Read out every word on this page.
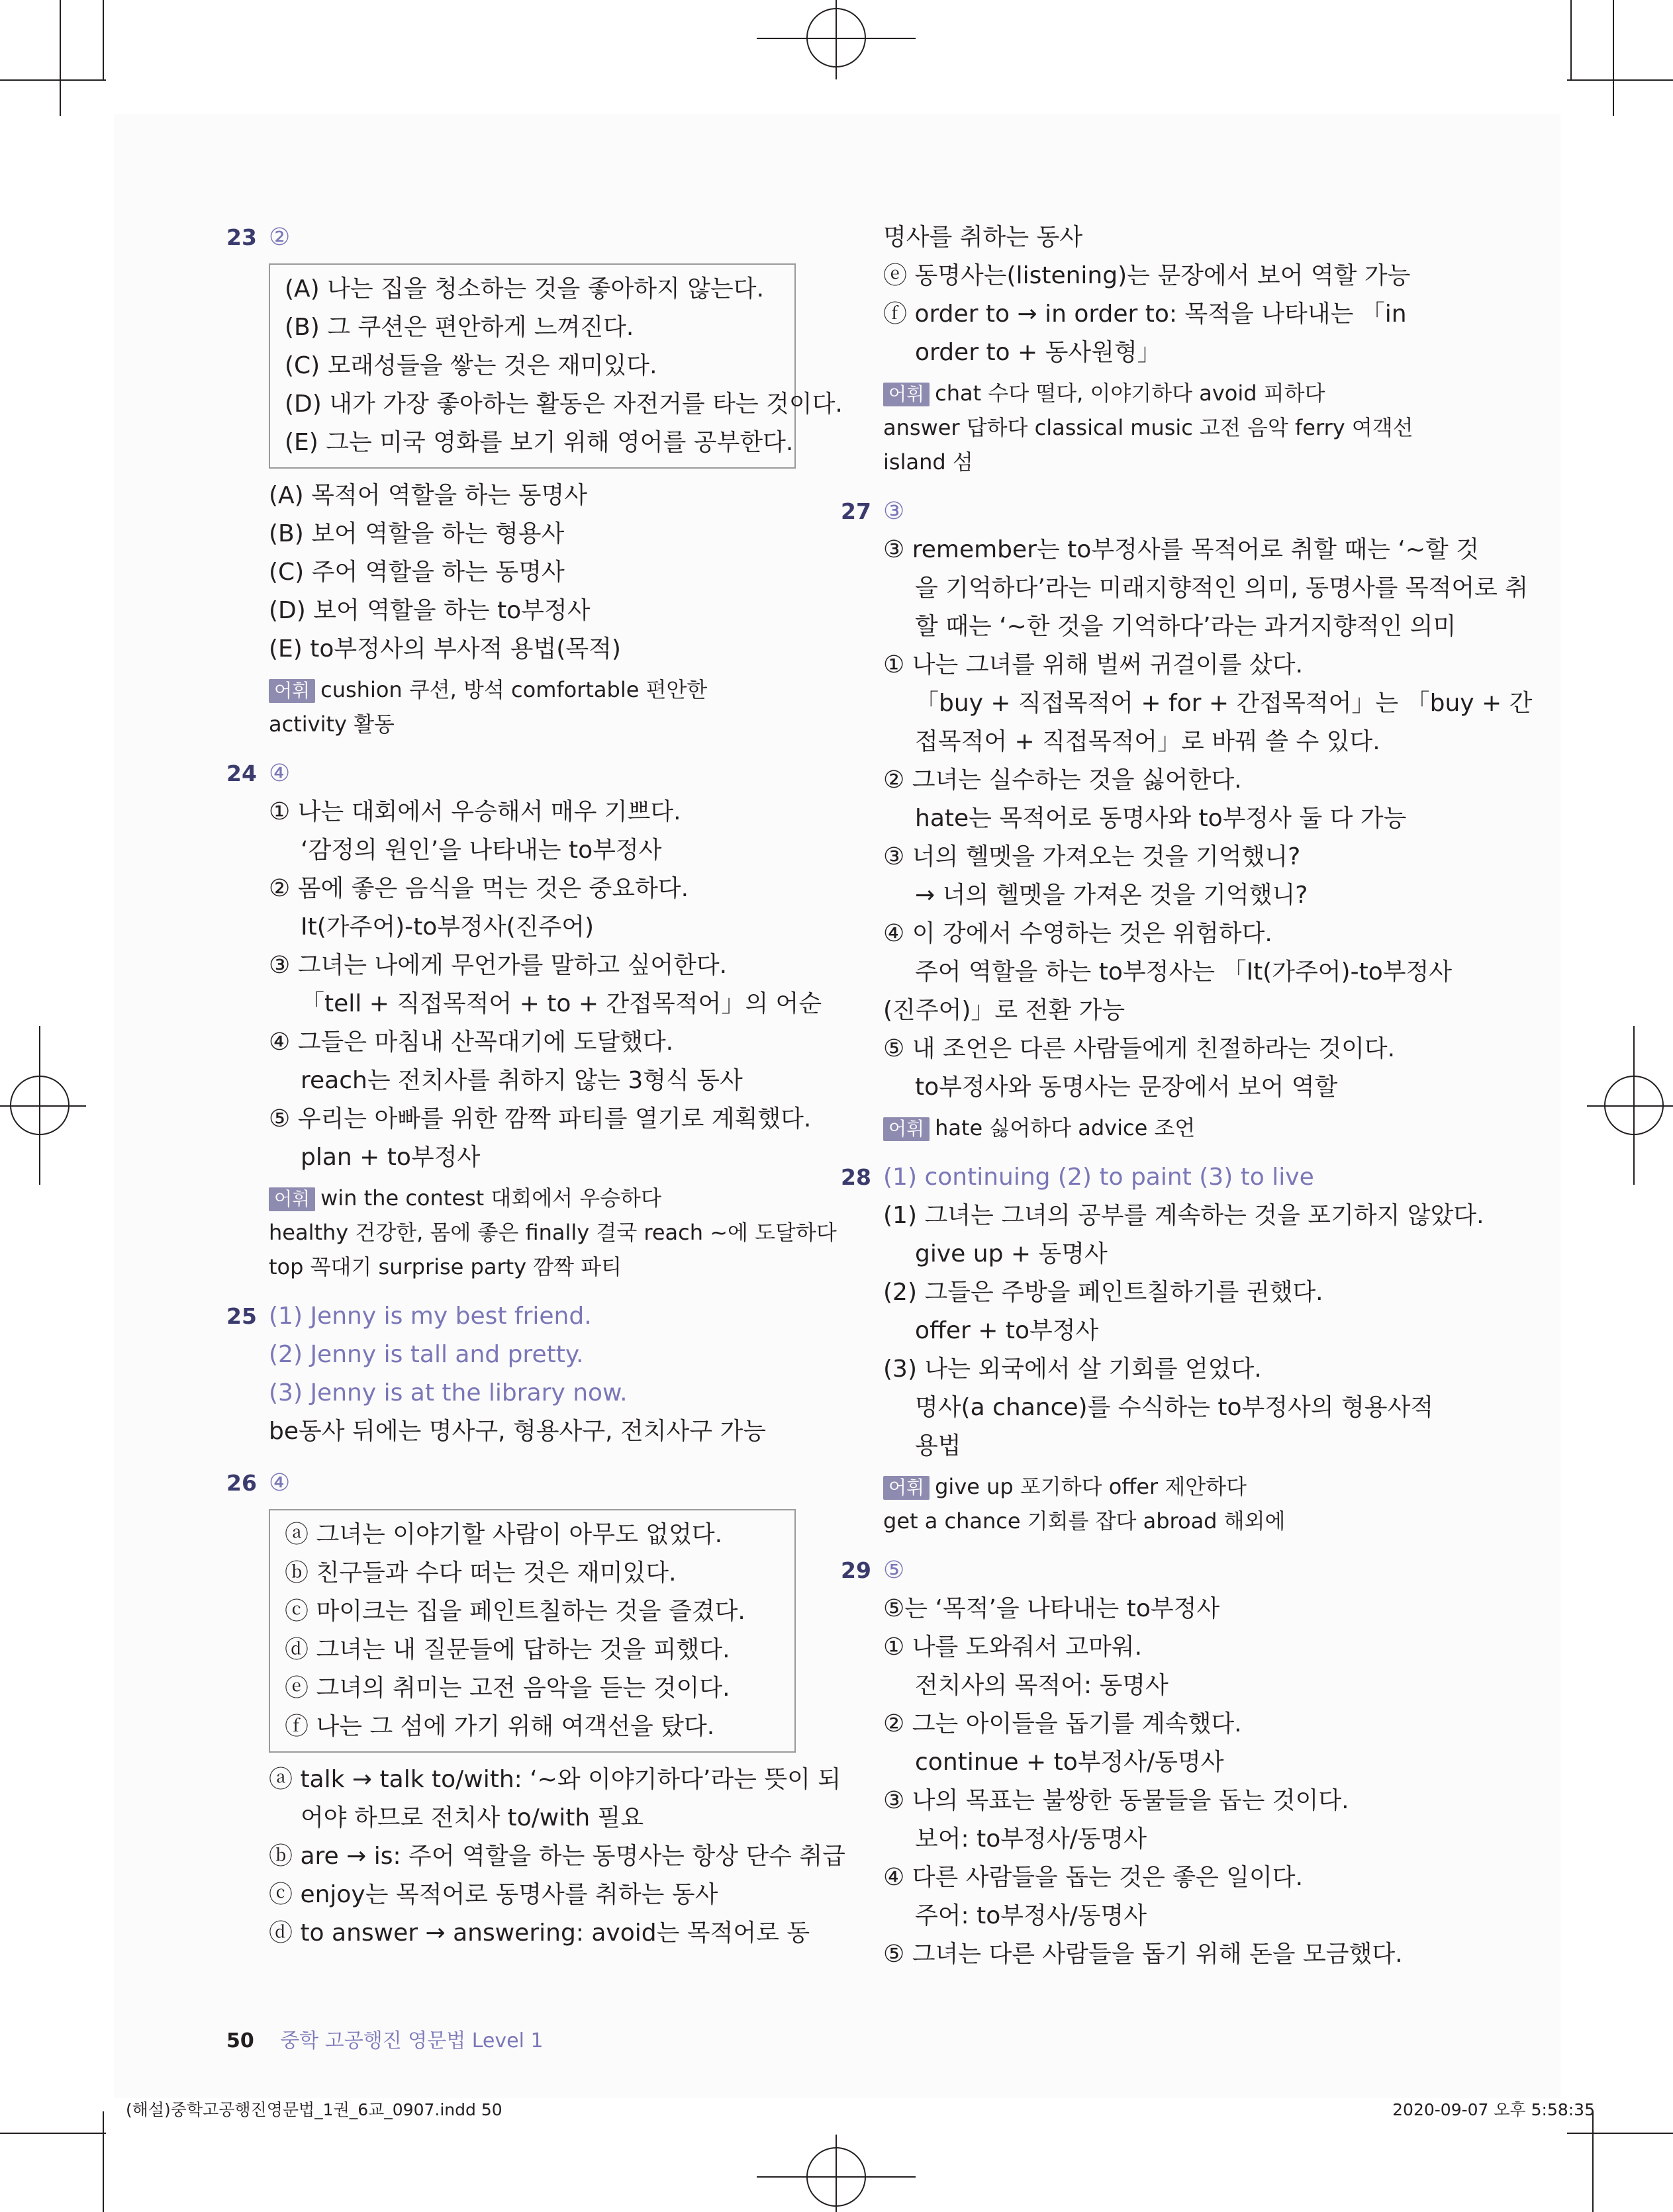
23 ②
(A) 나는 집을 청소하는 것을 좋아하지 않는다.
(B) 그 쿠션은 편안하게 느껴진다.
(C) 모래성들을 쌓는 것은 재미있다.
(D) 내가 가장 좋아하는 활동은 자전거를 타는 것이다.
(E) 그는 미국 영화를 보기 위해 영어를 공부한다.
(A) 목적어 역할을 하는 동명사
(B) 보어 역할을 하는 형용사
(C) 주어 역할을 하는 동명사
(D) 보어 역할을 하는 to부정사
(E) to부정사의 부사적 용법(목적)
어휘 cushion 쿠션, 방석 comfortable 편안한
activity 활동
24 ④
① 나는 대회에서 우승해서 매우 기쁘다.
‘감정의 원인’을 나타내는 to부정사
② 몸에 좋은 음식을 먹는 것은 중요하다.
It(가주어)-to부정사(진주어)
③ 그녀는 나에게 무언가를 말하고 싶어한다.
「tell + 직접목적어 + to + 간접목적어」의 어순
④ 그들은 마침내 산꼭대기에 도달했다.
reach는 전치사를 취하지 않는 3형식 동사
⑤ 우리는 아빠를 위한 깜짝 파티를 열기로 계획했다.
plan + to부정사
어휘 win the contest 대회에서 우승하다
healthy 건강한, 몸에 좋은 finally 결국 reach ~에 도달하다
top 꼭대기 surprise party 깜짝 파티
25 (1) Jenny is my best friend.
(2) Jenny is tall and pretty.
(3) Jenny is at the library now.
be동사 뒤에는 명사구, 형용사구, 전치사구 가능
26 ④
ⓐ 그녀는 이야기할 사람이 아무도 없었다.
ⓑ 친구들과 수다 떠는 것은 재미있다.
ⓒ 마이크는 집을 페인트칠하는 것을 즐겼다.
ⓓ 그녀는 내 질문들에 답하는 것을 피했다.
ⓔ 그녀의 취미는 고전 음악을 듣는 것이다.
ⓕ 나는 그 섬에 가기 위해 여객선을 탔다.
ⓐ talk → talk to/with: ‘~와 이야기하다’라는 뜻이 되
어야 하므로 전치사 to/with 필요
ⓑ are → is: 주어 역할을 하는 동명사는 항상 단수 취급
ⓒ enjoy는 목적어로 동명사를 취하는 동사
ⓓ to answer → answering: avoid는 목적어로 동
명사를 취하는 동사
ⓔ 동명사는(listening)는 문장에서 보어 역할 가능
ⓕ order to → in order to: 목적을 나타내는 「in
order to + 동사원형」
어휘 chat 수다 떨다, 이야기하다 avoid 피하다
answer 답하다 classical music 고전 음악 ferry 여객선
island 섬
27 ③
③ remember는 to부정사를 목적어로 취할 때는 ‘~할 것
을 기억하다’라는 미래지향적인 의미, 동명사를 목적어로 취
할 때는 ‘~한 것을 기억하다’라는 과거지향적인 의미
① 나는 그녀를 위해 벌써 귀걸이를 샀다.
「buy + 직접목적어 + for + 간접목적어」는 「buy + 간
접목적어 + 직접목적어」로 바꿔 쓸 수 있다.
② 그녀는 실수하는 것을 싫어한다.
hate는 목적어로 동명사와 to부정사 둘 다 가능
③ 너의 헬멧을 가져오는 것을 기억했니?
→ 너의 헬멧을 가져온 것을 기억했니?
④ 이 강에서 수영하는 것은 위험하다.
주어 역할을 하는 to부정사는 「It(가주어)-to부정사
(진주어)」로 전환 가능
⑤ 내 조언은 다른 사람들에게 친절하라는 것이다.
to부정사와 동명사는 문장에서 보어 역할
어휘 hate 싫어하다 advice 조언
28 (1) continuing (2) to paint (3) to live
(1) 그녀는 그녀의 공부를 계속하는 것을 포기하지 않았다.
give up + 동명사
(2) 그들은 주방을 페인트칠하기를 권했다.
offer + to부정사
(3) 나는 외국에서 살 기회를 얻었다.
명사(a chance)를 수식하는 to부정사의 형용사적
용법
어휘 give up 포기하다 offer 제안하다
get a chance 기회를 잡다 abroad 해외에
29 ⑤
⑤는 ‘목적’을 나타내는 to부정사
① 나를 도와줘서 고마워.
전치사의 목적어: 동명사
② 그는 아이들을 돕기를 계속했다.
continue + to부정사/동명사
③ 나의 목표는 불쌍한 동물들을 돕는 것이다.
보어: to부정사/동명사
④ 다른 사람들을 돕는 것은 좋은 일이다.
주어: to부정사/동명사
⑤ 그녀는 다른 사람들을 돕기 위해 돈을 모금했다.
50 중학 고공행진 영문법 Level 1
(해설)중학고공행진영문법_1권_6교_0907.indd 50	2020-09-07 오후 5:58:35
